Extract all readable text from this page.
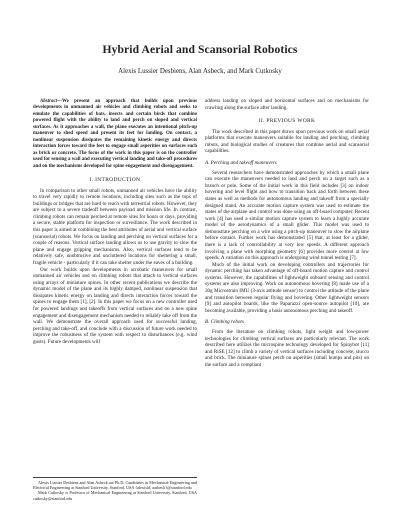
Hybrid Aerial and Scansorial Robotics
Alexis Lussier Desbiens, Alan Asbeck, and Mark Cutkosky

Abstract—We present an approach that builds upon previous developments in unmanned air vehicles and climbing robots and seeks to emulate the capabilities of bats, insects and certain birds that combine powered flight with the ability to land and perch on sloped and vertical surfaces. As it approaches a wall, the plane executes an intentional pitch-up maneuver to shed speed and present its feet for landing. On contact, a nonlinear suspension dissipates the remaining kinetic energy and directs interaction forces toward the feet to engage small asperities on surfaces such as brick or concrete. The focus of the work in this paper is on the controller used for sensing a wall and executing vertical landing and take-off procedures and on the mechanisms developed for spine engagement and disengagement.

I. INTRODUCTION

In comparison to other small robots, unmanned air vehicles have the ability to travel very rapidly to remote locations, including sites such as the tops of buildings or bridges that are hard to reach with terrestrial robots. However, they are subject to a severe tradeoff between payload and mission life. In contrast, climbing robots can remain perched at remote sites for hours or days, providing a secure, stable platform for inspection or surveillance. The work described in this paper is aimed at combining the best attributes of aerial and vertical surface (scansorial) robots. We focus on landing and perching on vertical surfaces for a couple of reasons. Vertical surface landing allows us to use gravity to slow the plane and engage gripping mechanisms. Also, vertical surfaces tend to be relatively safe, unobtrusive and uncluttered locations for sheltering a small, fragile vehicle - particularly if it can take shelter under the eaves of a building.

Our work builds upon developments in acrobatic maneuvers for small unmanned air vehicles and on climbing robots that attach to vertical surfaces using arrays of miniature spines. In other recent publications we describe the dynamic model of the plane and its highly damped, nonlinear suspension that dissipates kinetic energy on landing and directs interaction forces toward the spines to engage them [1], [2]. In this paper we focus on a new controller used for powered landings and takeoffs from vertical surfaces and on a new spine engagement and disengagement mechanism needed to reliably take off from the wall. We demonstrate the overall approach used for successful landing, perching and take-off, and conclude with a discussion of future work needed to improve the robustness of the system with respect to disturbances (e.g. wind gusts). Future developments will

Alexis Lussier Desbiens and Alan Asbeck are Ph.D. Candidates in Mechanical Engineering and Electrical Engineering at Stanford University, Stanford, USA {alexisld, aasbeck}@stanford.edu

Mark Cutkosky is Professor of Mechanical Engineering at Stanford University, Stanford, USA cutkosky@stanford.edu

address landing on sloped and horizontal surfaces and on mechanisms for crawling along the surface after landing.

II. PREVIOUS WORK

The work described in this paper draws upon previous work on small aerial platforms that execute maneuvers suitable for landing and perching, climbing robots, and biological studies of creatures that combine aerial and scansorial capabilities.

A. Perching and takeoff maneuvers

Several researchers have demonstrated approaches by which a small plane can execute the maneuvers needed to land and perch on a target such as a branch or pole. Some of the initial work in this field includes [3] on indoor hovering and level flight and how to transition back and forth between these states as well as methods for autonomous landing and takeoff from a specially designed stand. An accurate motion capture system was used to estimate the states of the airplane and control was done using an off-board computer. Recent work [4] has used a similar motion capture system to learn a highly accurate model of the aerodynamics of a small glider. This model was used to demonstrate perching on a wire using a pitch-up maneuver to slow the airplane before contact. Further work has demonstrated [5] that, at least for a glider, there is a lack of controllability at very low speeds. A different approach involving a plane with morphing geometry [6] provides more control at low speeds. A variation on this approach is undergoing wind tunnel testing [7].

Much of the initial work on developing controllers and trajectories for dynamic perching has taken advantage of off-board motion capture and control systems. However, the capabilities of lightweight onboard sensing and control systems are also improving. Work on autonomous hovering [8] made use of a 30g Microstrain IMU (3-axis attitude sensor) to control the attitude of the plane and transition between regular flying and hovering. Other lightweight sensors [9] and autopilot boards, like the Paparazzi open-source autopilot [10], are becoming available, providing a basis autonomous perching and takeoff.

B. Climbing robots

From the literature on climbing robots, light weight and low-power technologies for climbing vertical surfaces are particularly relevant. The work described here utilizes the microspine technology developed for Spinybot [11] and RiSE [12] to climb a variety of vertical surfaces including concrete, stucco and brick. The miniature spines perch on asperities (small bumps and pits) on the surface and a compliant
